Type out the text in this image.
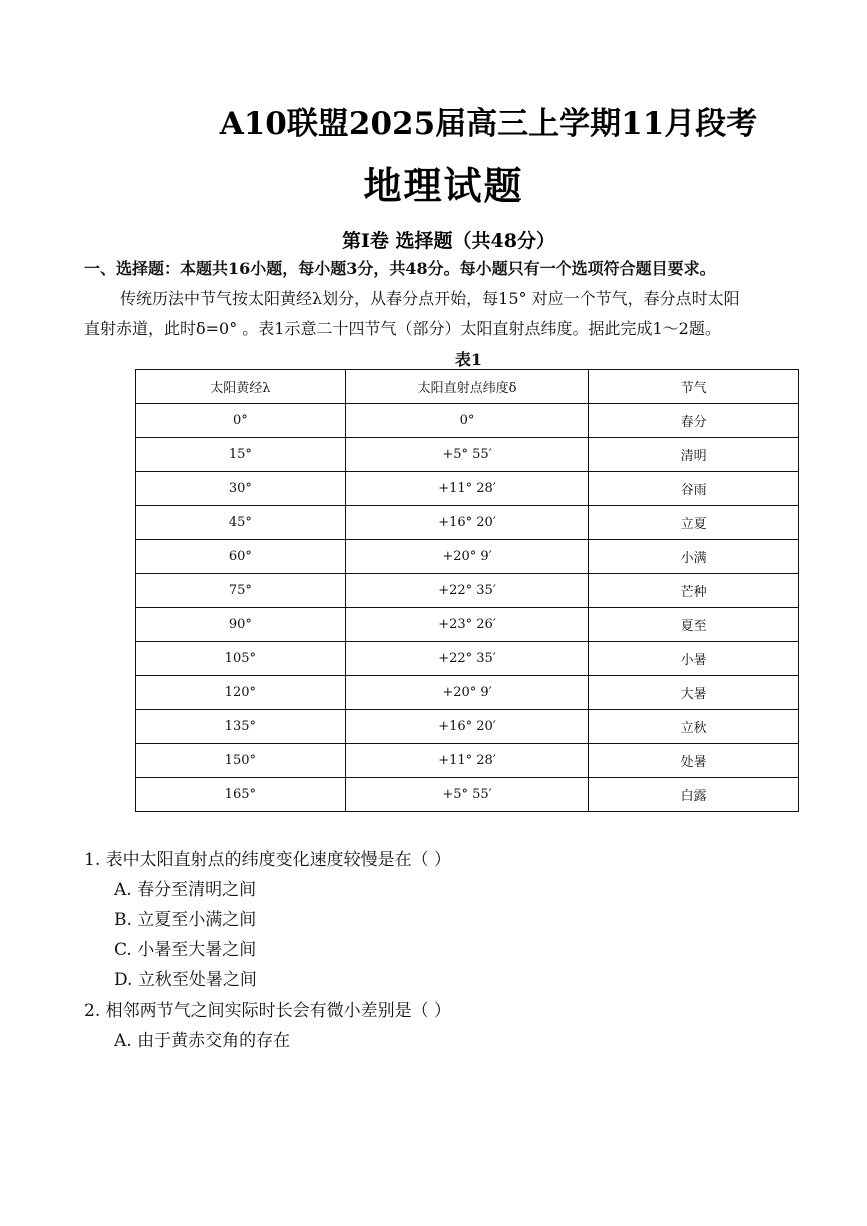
A10联盟2025届高三上学期11月段考
地理试题
第Ⅰ卷 选择题（共48分）
一、选择题：本题共16小题，每小题3分，共48分。每小题只有一个选项符合题目要求。
传统历法中节气按太阳黄经λ划分，从春分点开始，每15° 对应一个节气，春分点时太阳
直射赤道，此时δ=0° 。表1示意二十四节气（部分）太阳直射点纬度。据此完成1～2题。
表1
太阳黄经λ	太阳直射点纬度δ	节气
0°	0°	春分
15°	+5° 55′	清明
30°	+11° 28′	谷雨
45°	+16° 20′	立夏
60°	+20° 9′	小满
75°	+22° 35′	芒种
90°	+23° 26′	夏至
105°	+22° 35′	小暑
120°	+20° 9′	大暑
135°	+16° 20′	立秋
150°	+11° 28′	处暑
165°	+5° 55′	白露
1. 表中太阳直射点的纬度变化速度较慢是在（ ）
A. 春分至清明之间
B. 立夏至小满之间
C. 小暑至大暑之间
D. 立秋至处暑之间
2. 相邻两节气之间实际时长会有微小差别是（ ）
A. 由于黄赤交角的存在
